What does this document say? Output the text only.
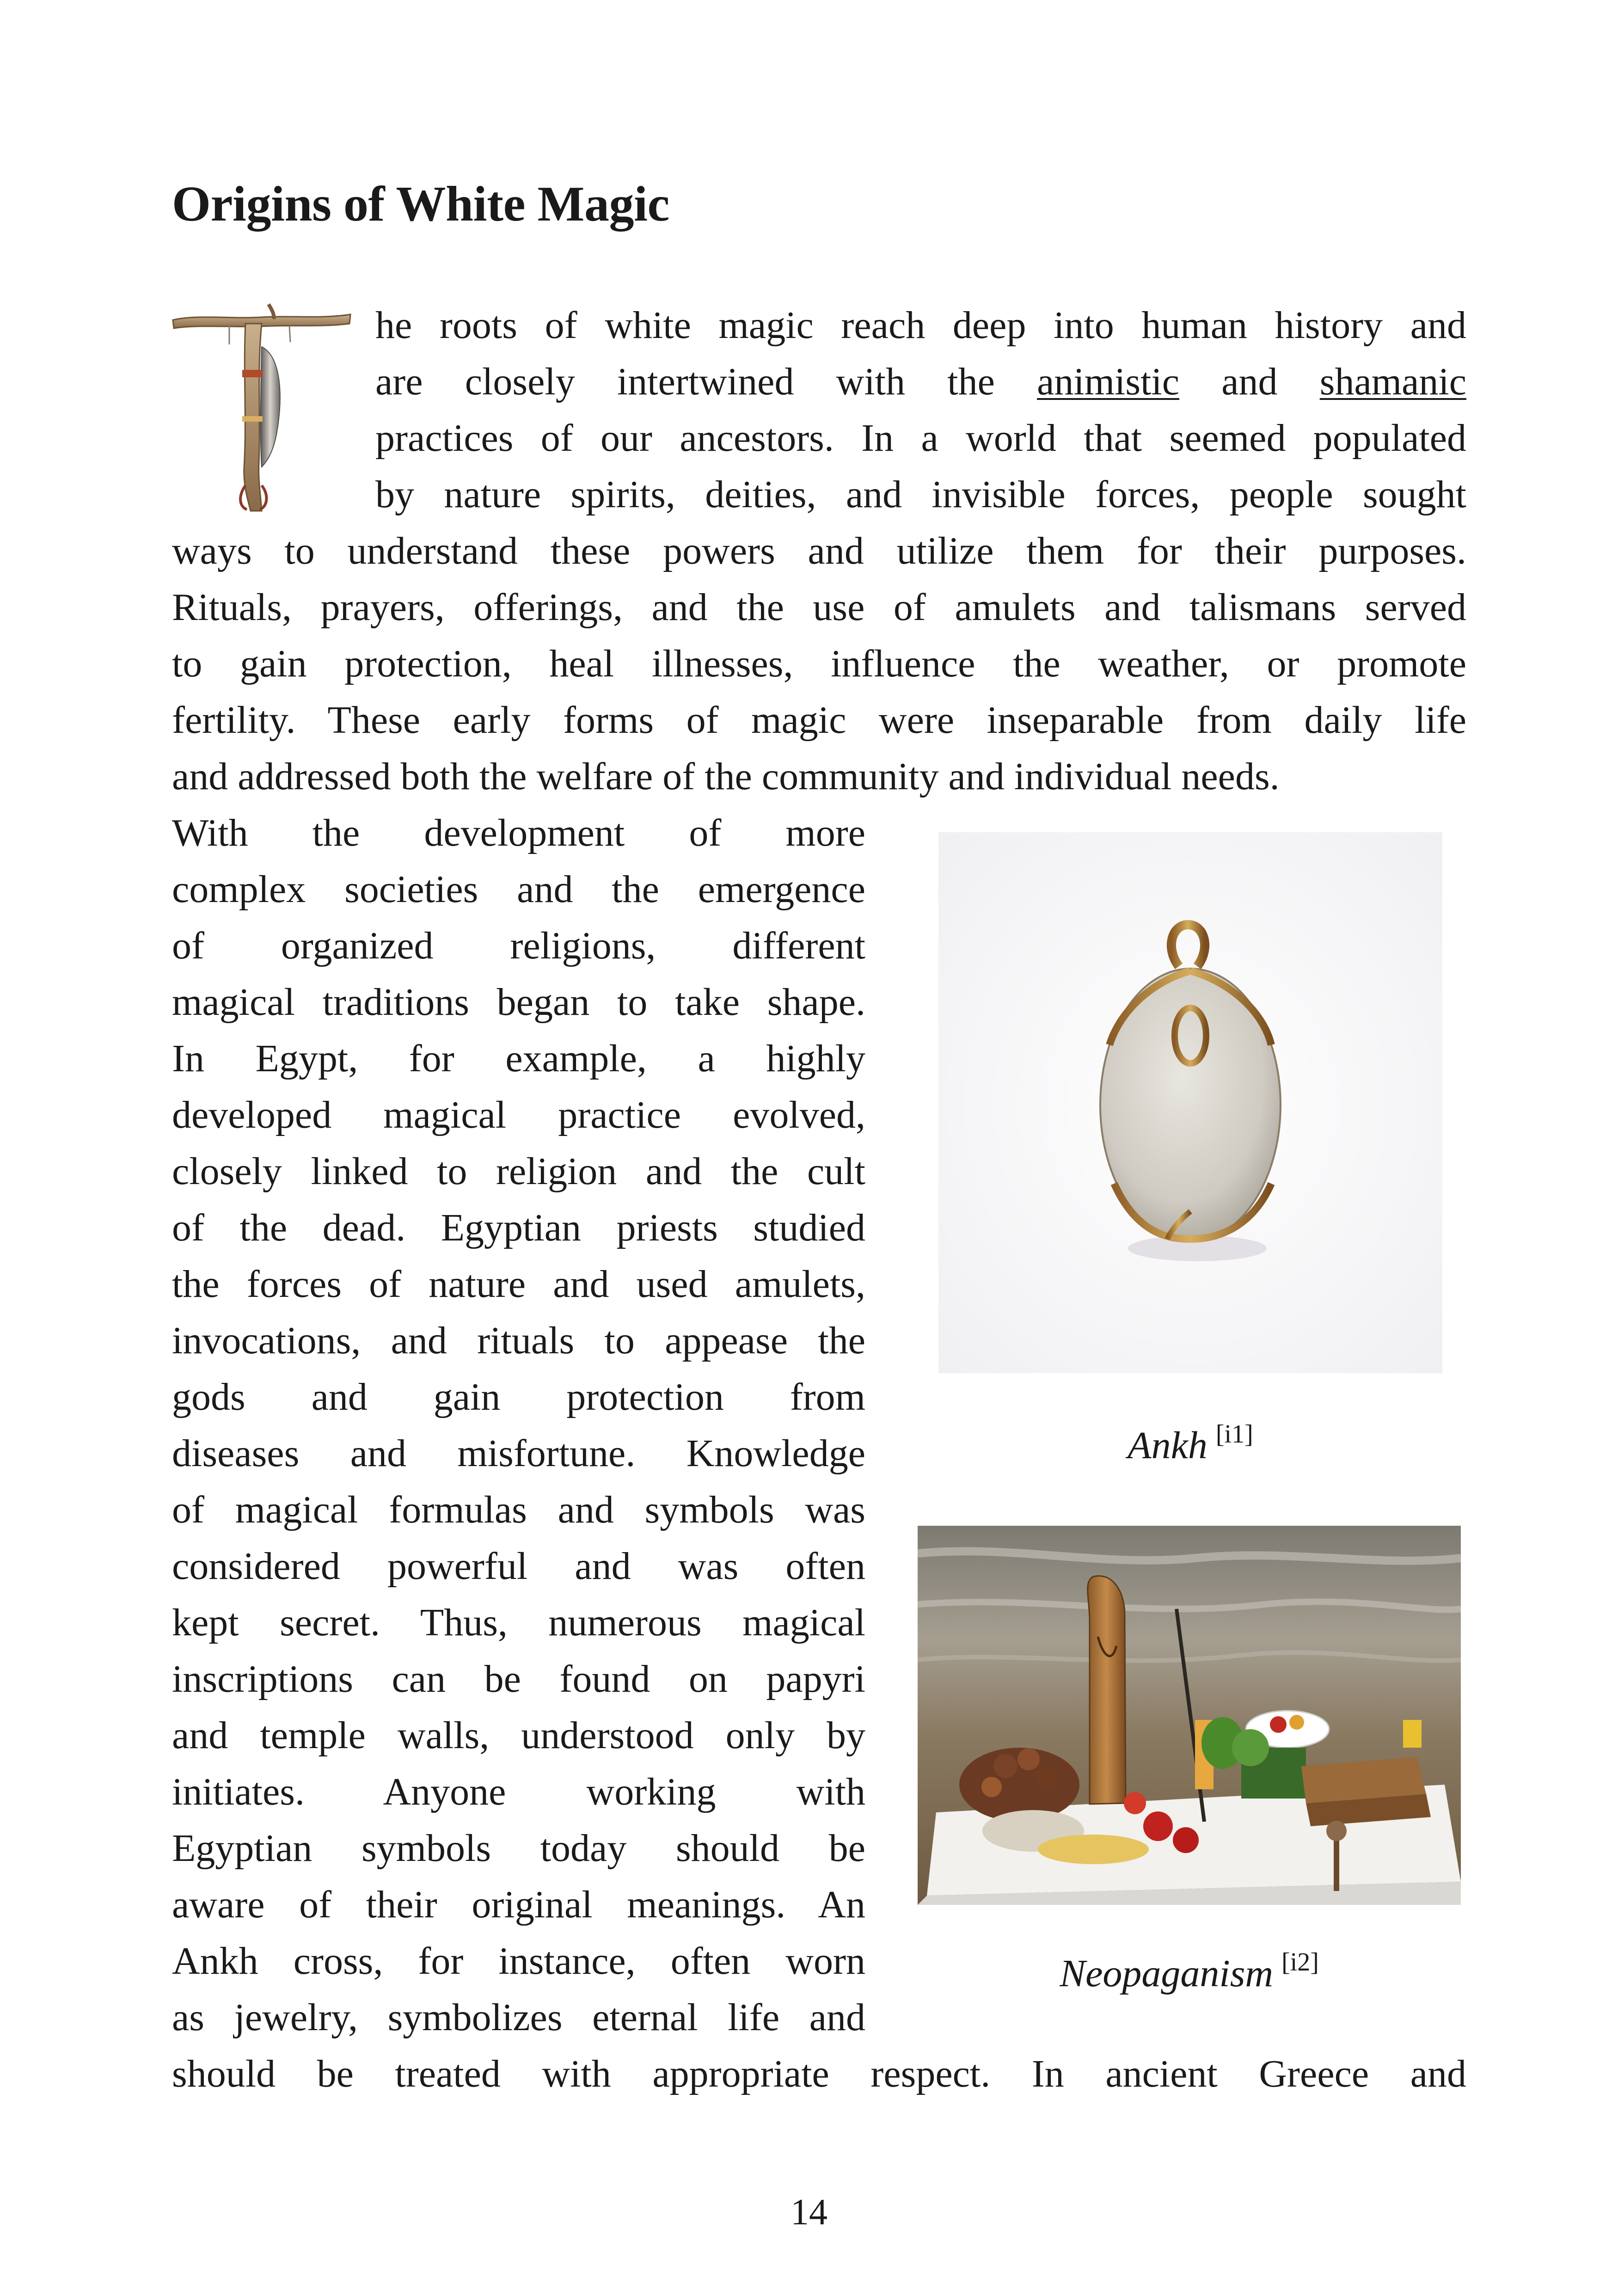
Origins of White Magic
he roots of white magic reach deep into human history and
are closely intertwined with the animistic and shamanic
practices of our ancestors. In a world that seemed populated
by nature spirits, deities, and invisible forces, people sought
ways to understand these powers and utilize them for their purposes.
Rituals, prayers, offerings, and the use of amulets and talismans served
to gain protection, heal illnesses, influence the weather, or promote
fertility. These early forms of magic were inseparable from daily life
and addressed both the welfare of the community and individual needs.
With the development of more
complex societies and the emergence
of organized religions, different
magical traditions began to take shape.
In Egypt, for example, a highly
developed magical practice evolved,
closely linked to religion and the cult
of the dead. Egyptian priests studied
the forces of nature and used amulets,
invocations, and rituals to appease the
gods and gain protection from
diseases and misfortune. Knowledge
of magical formulas and symbols was
considered powerful and was often
kept secret. Thus, numerous magical
inscriptions can be found on papyri
and temple walls, understood only by
initiates. Anyone working with
Egyptian symbols today should be
aware of their original meanings. An
Ankh cross, for instance, often worn
as jewelry, symbolizes eternal life and
should be treated with appropriate respect. In ancient Greece and
Ankh [i1]
Neopaganism [i2]
14
